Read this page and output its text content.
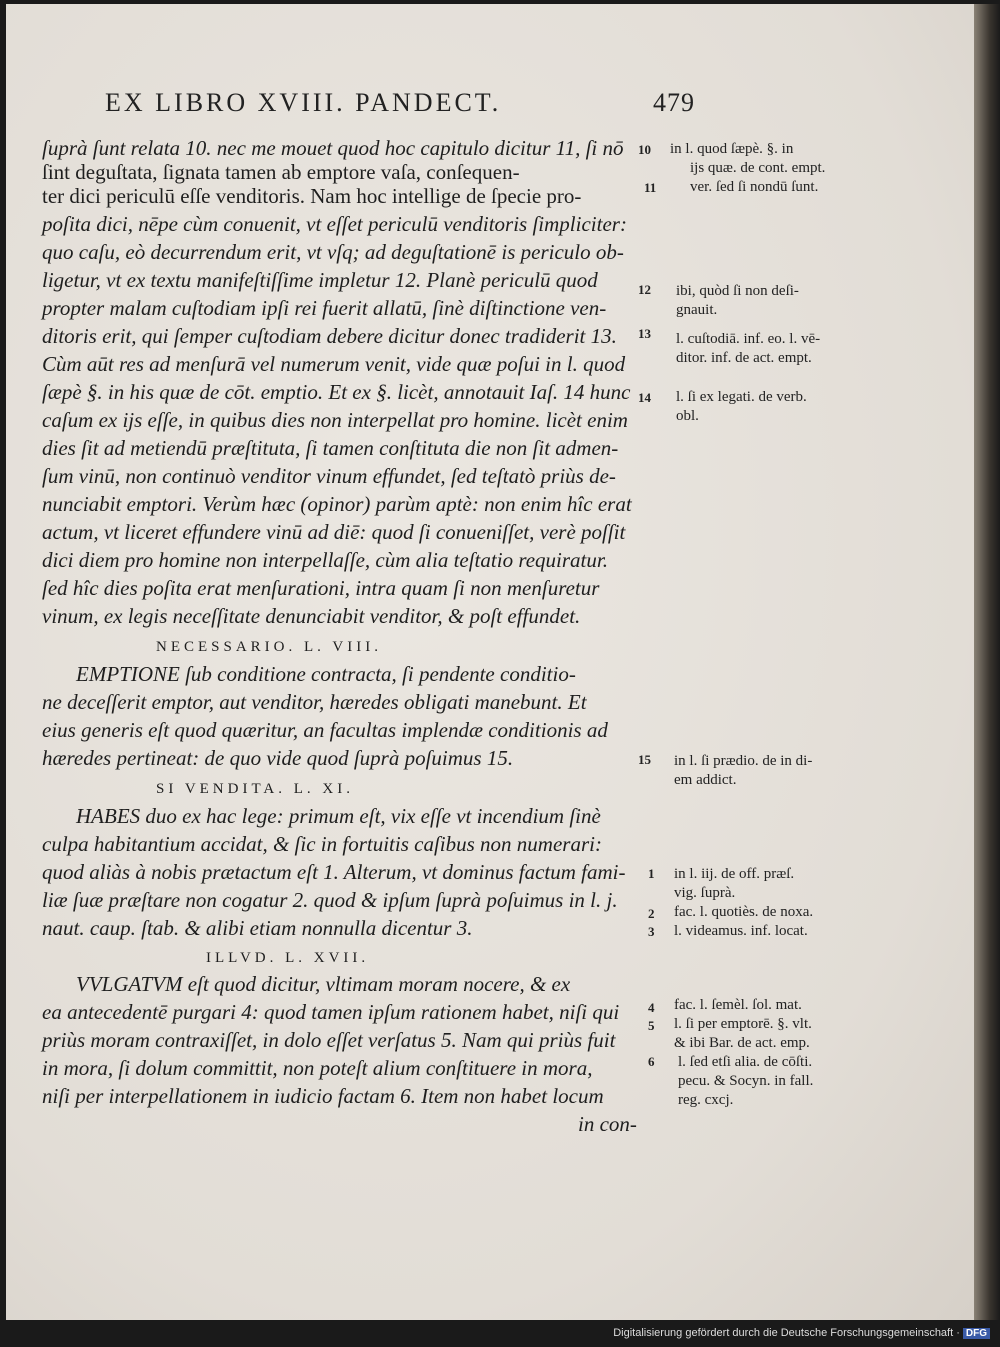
EX LIBRO XVIII. PANDECT.	479
ſuprà ſunt relata 10. nec me mouet quod hoc capitulo dicitur 11, ſi nō
ſint deguſtata, ſignata tamen ab emptore vaſa, conſequen-
ter dici periculū eſſe venditoris. Nam hoc intellige de ſpecie pro-
poſita dici, nēpe cùm conuenit, vt eſſet periculū venditoris ſimpliciter:
quo caſu, eò decurrendum erit, vt vſq; ad deguſtationē is periculo ob-
ligetur, vt ex textu manifeſtiſſime impletur 12. Planè periculū quod
propter malam cuſtodiam ipſi rei fuerit allatū, ſinè diſtinctione ven-
ditoris erit, qui ſemper cuſtodiam debere dicitur donec tradiderit 13.
Cùm aūt res ad menſurā vel numerum venit, vide quæ poſui in l. quod
ſæpè §. in his quæ de cōt. emptio. Et ex §. licèt, annotauit Iaſ. 14 hunc
caſum ex ijs eſſe, in quibus dies non interpellat pro homine. licèt enim
dies ſit ad metiendū præſtituta, ſi tamen conſtituta die non ſit admen-
ſum vinū, non continuò venditor vinum effundet, ſed teſtatò priùs de-
nunciabit emptori. Verùm hæc (opinor) parùm aptè: non enim hîc erat
actum, vt liceret effundere vinū ad diē: quod ſi conueniſſet, verè poſſit
dici diem pro homine non interpellaſſe, cùm alia teſtatio requiratur.
ſed hîc dies poſita erat menſurationi, intra quam ſi non menſuretur
vinum, ex legis neceſſitate denunciabit venditor, & poſt effundet.
NECESSARIO. L. VIII.
EMPTIONE ſub conditione contracta, ſi pendente conditio-
ne deceſſerit emptor, aut venditor, hæredes obligati manebunt. Et
eius generis eſt quod quæritur, an facultas implendæ conditionis ad
hæredes pertineat: de quo vide quod ſuprà poſuimus 15.
SI VENDITA. L. XI.
HABES duo ex hac lege: primum eſt, vix eſſe vt incendium ſinè
culpa habitantium accidat, & ſic in fortuitis caſibus non numerari:
quod aliàs à nobis prætactum eſt 1. Alterum, vt dominus factum fami-
liæ ſuæ præſtare non cogatur 2. quod & ipſum ſuprà poſuimus in l. j.
naut. caup. ſtab. & alibi etiam nonnulla dicentur 3.
ILLVD. L. XVII.
VVLGATVM eſt quod dicitur, vltimam moram nocere, & ex
ea antecedentē purgari 4: quod tamen ipſum rationem habet, niſi qui
priùs moram contraxiſſet, in dolo eſſet verſatus 5. Nam qui priùs fuit
in mora, ſi dolum committit, non poteſt alium conſtituere in mora,
niſi per interpellationem in iudicio factam 6. Item non habet locum
in con-
10
11
12
13
14
15
1
2
3
4
5
6
in l. quod ſæpè. §. in
ijs quæ. de cont. empt.
ver. ſed ſi nondū ſunt.
ibi, quòd ſi non deſi-
gnauit.
l. cuſtodiā. inf. eo. l. vē-
ditor. inf. de act. empt.
l. ſi ex legati. de verb.
obl.
in l. ſi prædio. de in di-
em addict.
in l. iij. de off. præſ.
vig. ſuprà.
fac. l. quotiès. de noxa.
l. videamus. inf. locat.
fac. l. ſemèl. ſol. mat.
l. ſi per emptorē. §. vlt.
& ibi Bar. de act. emp.
l. ſed etſi alia. de cōſti.
pecu. & Socyn. in fall.
reg. cxcj.
Digitalisierung gefördert durch die Deutsche Forschungsgemeinschaft · DFG
